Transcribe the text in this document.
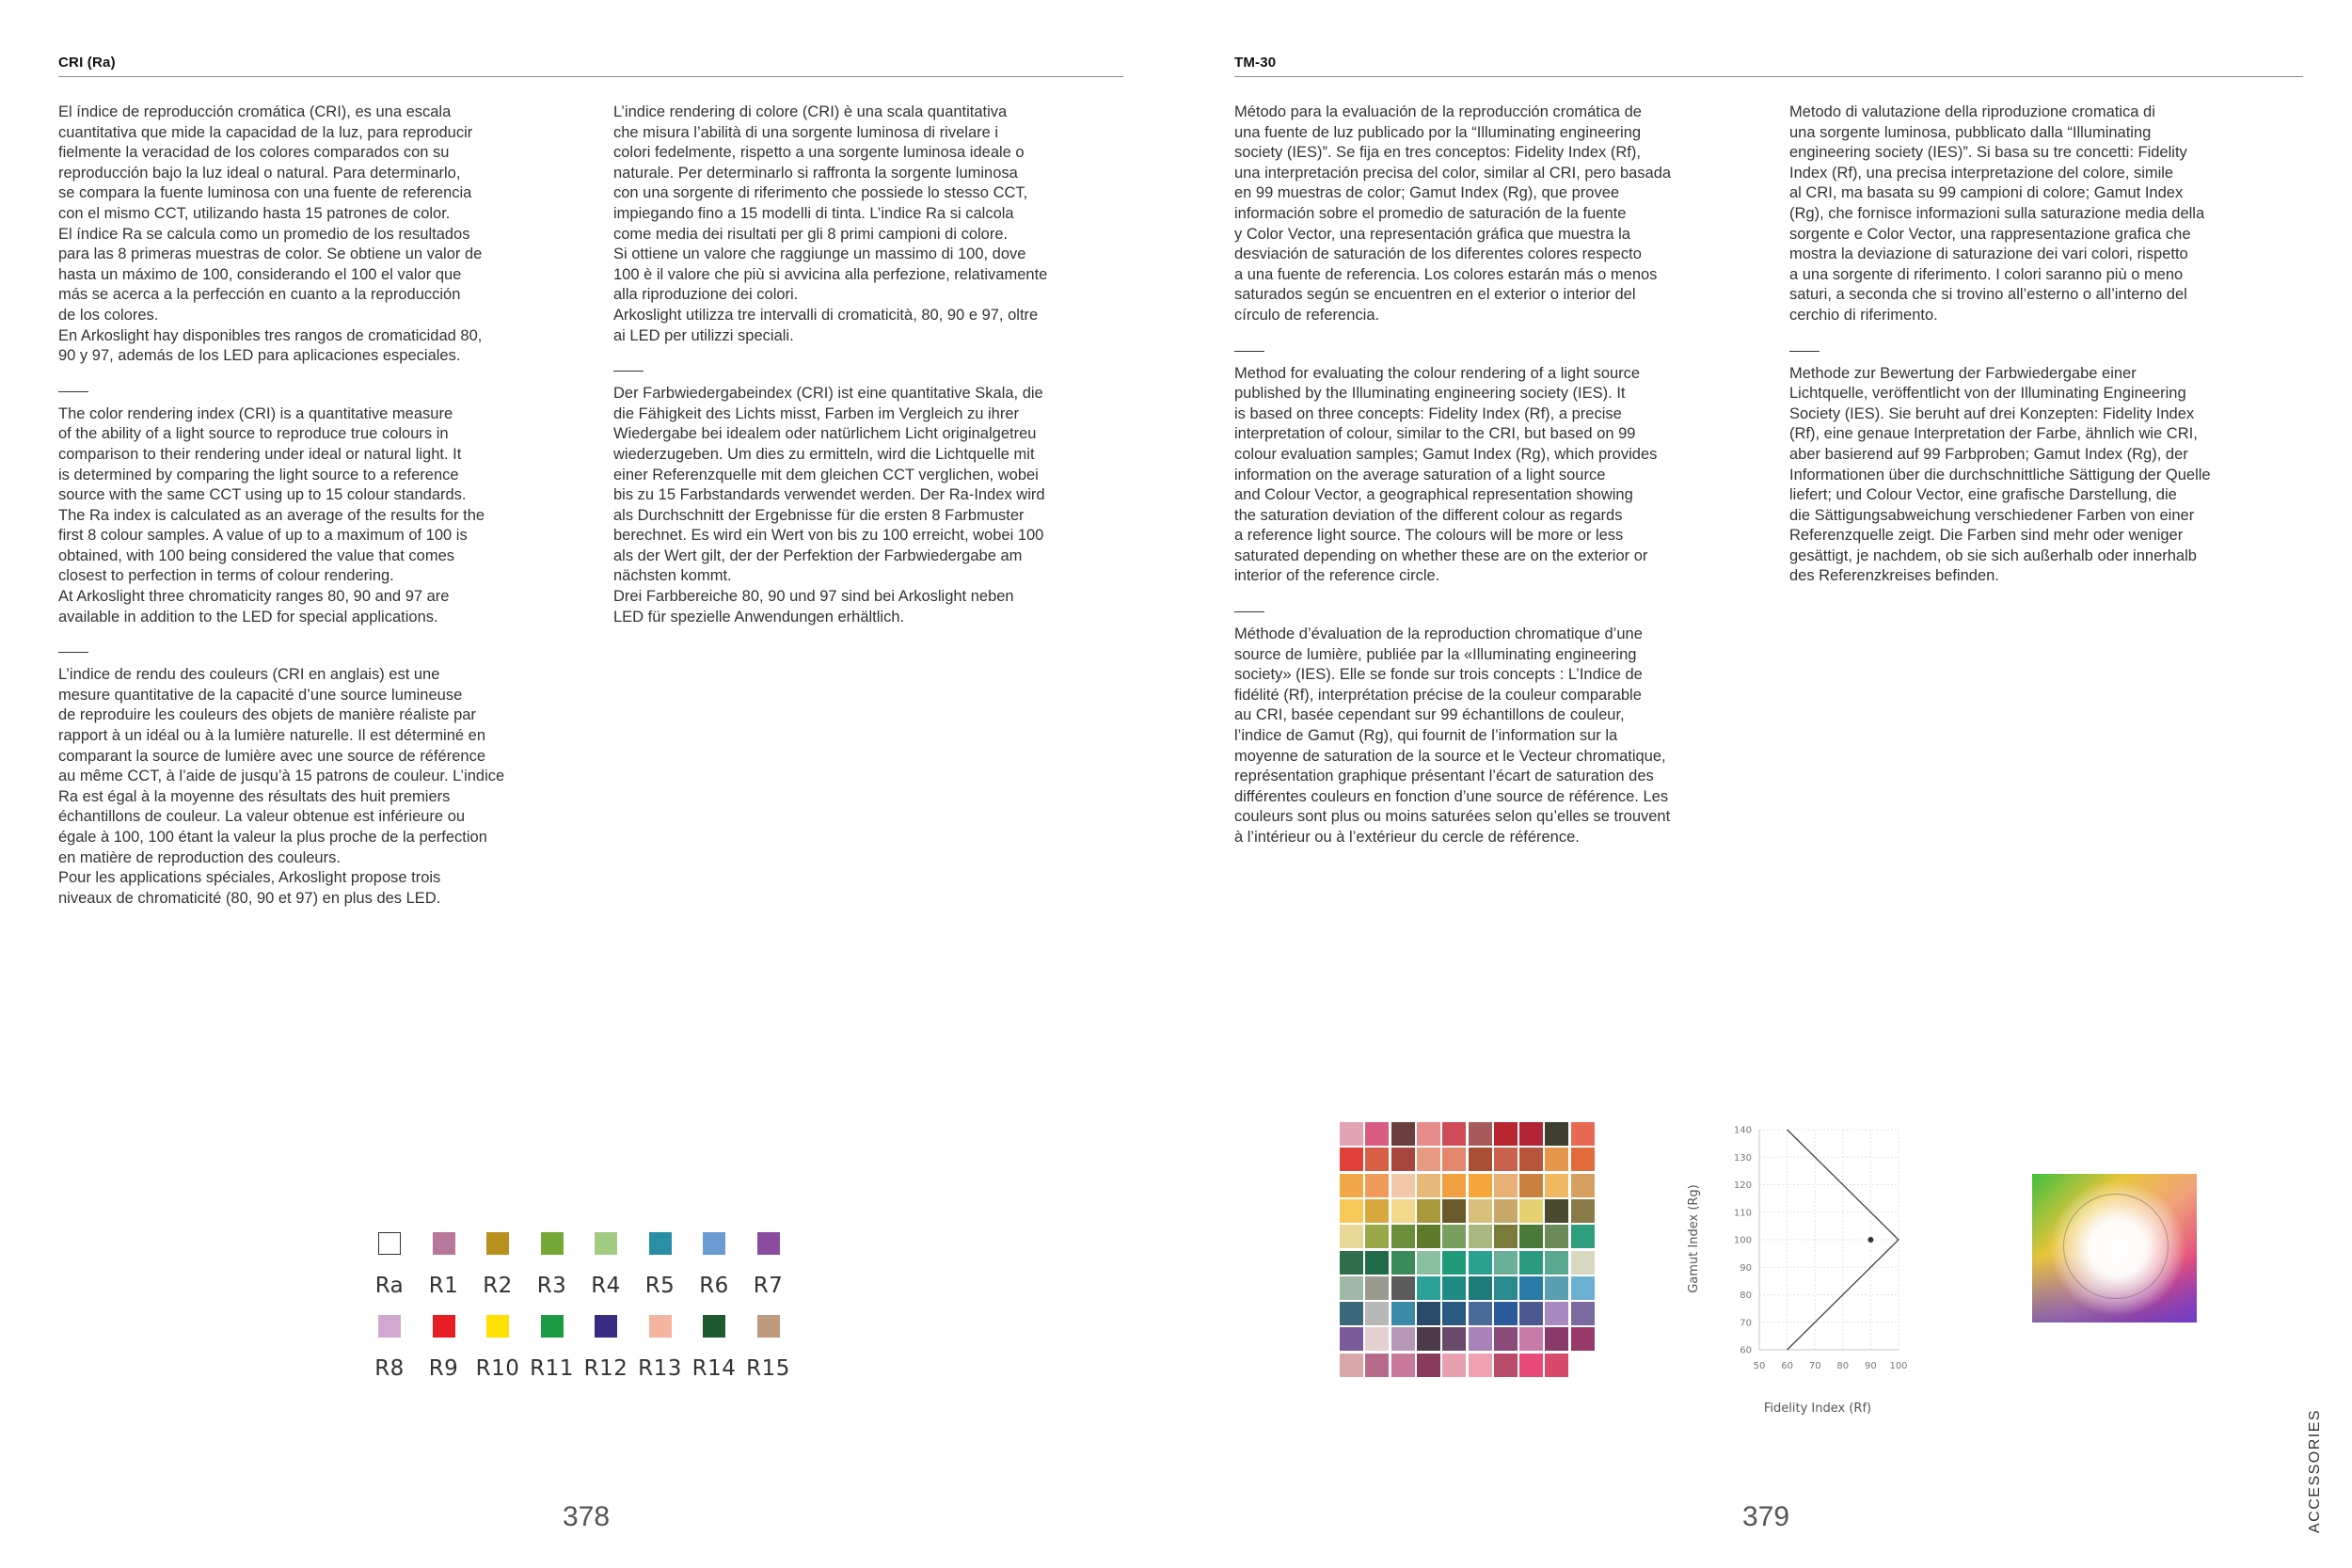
CRI (Ra)

El índice de reproducción cromática (CRI), es una escala
cuantitativa que mide la capacidad de la luz, para reproducir
fielmente la veracidad de los colores comparados con su
reproducción bajo la luz ideal o natural. Para determinarlo,
se compara la fuente luminosa con una fuente de referencia
con el mismo CCT, utilizando hasta 15 patrones de color.
El índice Ra se calcula como un promedio de los resultados
para las 8 primeras muestras de color. Se obtiene un valor de
hasta un máximo de 100, considerando el 100 el valor que
más se acerca a la perfección en cuanto a la reproducción
de los colores.
En Arkoslight hay disponibles tres rangos de cromaticidad 80,
90 y 97, además de los LED para aplicaciones especiales.

The color rendering index (CRI) is a quantitative measure
of the ability of a light source to reproduce true colours in
comparison to their rendering under ideal or natural light. It
is determined by comparing the light source to a reference
source with the same CCT using up to 15 colour standards.
The Ra index is calculated as an average of the results for the
first 8 colour samples. A value of up to a maximum of 100 is
obtained, with 100 being considered the value that comes
closest to perfection in terms of colour rendering.
At Arkoslight three chromaticity ranges 80, 90 and 97 are
available in addition to the LED for special applications.

L’indice de rendu des couleurs (CRI en anglais) est une
mesure quantitative de la capacité d’une source lumineuse
de reproduire les couleurs des objets de manière réaliste par
rapport à un idéal ou à la lumière naturelle. Il est déterminé en
comparant la source de lumière avec une source de référence
au même CCT, à l’aide de jusqu’à 15 patrons de couleur. L’indice
Ra est égal à la moyenne des résultats des huit premiers
échantillons de couleur. La valeur obtenue est inférieure ou
égale à 100, 100 étant la valeur la plus proche de la perfection
en matière de reproduction des couleurs.
Pour les applications spéciales, Arkoslight propose trois
niveaux de chromaticité (80, 90 et 97) en plus des LED.

L’indice rendering di colore (CRI) è una scala quantitativa
che misura l’abilità di una sorgente luminosa di rivelare i
colori fedelmente, rispetto a una sorgente luminosa ideale o
naturale. Per determinarlo si raffronta la sorgente luminosa
con una sorgente di riferimento che possiede lo stesso CCT,
impiegando fino a 15 modelli di tinta. L’indice Ra si calcola
come media dei risultati per gli 8 primi campioni di colore.
Si ottiene un valore che raggiunge un massimo di 100, dove
100 è il valore che più si avvicina alla perfezione, relativamente
alla riproduzione dei colori.
Arkoslight utilizza tre intervalli di cromaticità, 80, 90 e 97, oltre
ai LED per utilizzi speciali.

Der Farbwiedergabeindex (CRI) ist eine quantitative Skala, die
die Fähigkeit des Lichts misst, Farben im Vergleich zu ihrer
Wiedergabe bei idealem oder natürlichem Licht originalgetreu
wiederzugeben. Um dies zu ermitteln, wird die Lichtquelle mit
einer Referenzquelle mit dem gleichen CCT verglichen, wobei
bis zu 15 Farbstandards verwendet werden. Der Ra-Index wird
als Durchschnitt der Ergebnisse für die ersten 8 Farbmuster
berechnet. Es wird ein Wert von bis zu 100 erreicht, wobei 100
als der Wert gilt, der der Perfektion der Farbwiedergabe am
nächsten kommt.
Drei Farbbereiche 80, 90 und 97 sind bei Arkoslight neben
LED für spezielle Anwendungen erhältlich.

Ra	R1	R2	R3	R4	R5	R6	R7
R8	R9 R10 R11 R12 R13 R14 R15
378
TM-30

Método para la evaluación de la reproducción cromática de
una fuente de luz publicado por la “Illuminating engineering
society (IES)”. Se fija en tres conceptos: Fidelity Index (Rf),
una interpretación precisa del color, similar al CRI, pero basada
en 99 muestras de color; Gamut Index (Rg), que provee
información sobre el promedio de saturación de la fuente
y Color Vector, una representación gráfica que muestra la
desviación de saturación de los diferentes colores respecto
a una fuente de referencia. Los colores estarán más o menos
saturados según se encuentren en el exterior o interior del
círculo de referencia.

Method for evaluating the colour rendering of a light source
published by the Illuminating engineering society (IES). It
is based on three concepts: Fidelity Index (Rf), a precise
interpretation of colour, similar to the CRI, but based on 99
colour evaluation samples; Gamut Index (Rg), which provides
information on the average saturation of a light source
and Colour Vector, a geographical representation showing
the saturation deviation of the different colour as regards
a reference light source. The colours will be more or less
saturated depending on whether these are on the exterior or
interior of the reference circle.

Méthode d’évaluation de la reproduction chromatique d’une
source de lumière, publiée par la «Illuminating engineering
society» (IES). Elle se fonde sur trois concepts : L’Indice de
fidélité (Rf), interprétation précise de la couleur comparable
au CRI, basée cependant sur 99 échantillons de couleur,
l’indice de Gamut (Rg), qui fournit de l’information sur la
moyenne de saturation de la source et le Vecteur chromatique,
représentation graphique présentant l’écart de saturation des
différentes couleurs en fonction d’une source de référence. Les
couleurs sont plus ou moins saturées selon qu’elles se trouvent
à l’intérieur ou à l’extérieur du cercle de référence.

Metodo di valutazione della riproduzione cromatica di
una sorgente luminosa, pubblicato dalla “Illuminating
engineering society (IES)”. Si basa su tre concetti: Fidelity
Index (Rf), una precisa interpretazione del colore, simile
al CRI, ma basata su 99 campioni di colore; Gamut Index
(Rg), che fornisce informazioni sulla saturazione media della
sorgente e Color Vector, una rappresentazione grafica che
mostra la deviazione di saturazione dei vari colori, rispetto
a una sorgente di riferimento. I colori saranno più o meno
saturi, a seconda che si trovino all’esterno o all’interno del
cerchio di riferimento.

Methode zur Bewertung der Farbwiedergabe einer
Lichtquelle, veröffentlicht von der Illuminating Engineering
Society (IES). Sie beruht auf drei Konzepten: Fidelity Index
(Rf), eine genaue Interpretation der Farbe, ähnlich wie CRI,
aber basierend auf 99 Farbproben; Gamut Index (Rg), der
Informationen über die durchschnittliche Sättigung der Quelle
liefert; und Colour Vector, eine grafische Darstellung, die
die Sättigungsabweichung verschiedener Farben von einer
Referenzquelle zeigt. Die Farben sind mehr oder weniger
gesättigt, je nachdem, ob sie sich außerhalb oder innerhalb
des Referenzkreises befinden.

379
50 60 70 80 90 100
60
70
80
90
100
110
120
130
140
Fidelity Index (Rf)
Gamut Index (Rg)
ACCESSORIES
